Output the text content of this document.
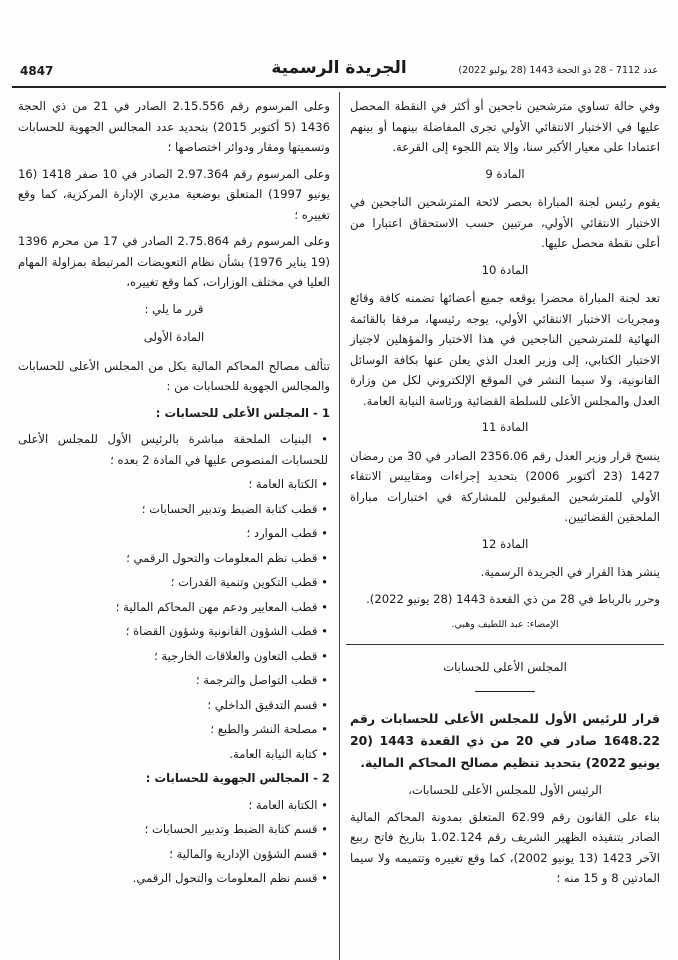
4847	الجريدة الرسمية	عدد 7112 - 28 ذو الحجة 1443 (28 يوليو 2022)

وفي حالة تساوي مترشحين ناجحين أو أكثر في النقطة المحصل عليها في الاختبار الانتقائي الأولي تجرى المفاضلة بينهما أو بينهم اعتمادا على معيار الأكبر سنا، وإلا يتم اللجوء إلى القرعة.

المادة 9

يقوم رئيس لجنة المباراة بحصر لائحة المترشحين الناجحين في الاختبار الانتقائي الأولي، مرتبين حسب الاستحقاق اعتبارا من أعلى نقطة محصل عليها.

المادة 10

تعد لجنة المباراة محضرا يوقعه جميع أعضائها تضمنه كافة وقائع ومجريات الاختبار الانتقائي الأولي، يوجه رئيسها، مرفقا بالقائمة النهائية للمترشحين الناجحين في هذا الاختبار والمؤهلين لاجتياز الاختبار الكتابي، إلى وزير العدل الذي يعلن عنها بكافة الوسائل القانونية، ولا سيما النشر في الموقع الإلكتروني لكل من وزارة العدل والمجلس الأعلى للسلطة القضائية ورئاسة النيابة العامة.

المادة 11

ينسخ قرار وزير العدل رقم 2356.06 الصادر في 30 من رمضان 1427 (23 أكتوبر 2006) بتحديد إجراءات ومقاييس الانتقاء الأولي للمترشحين المقبولين للمشاركة في اختبارات مباراة الملحقين القضائيين.

المادة 12

ينشر هذا القرار في الجريدة الرسمية.

وحرر بالرباط في 28 من ذي القعدة 1443 (28 يونيو 2022).

الإمضاء: عبد اللطيف وهبي.
المجلس الأعلى للحسابات

قرار للرئيس الأول للمجلس الأعلى للحسابات رقم 1648.22 صادر في 20 من ذي القعدة 1443 (20 يونيو 2022) بتحديد تنظيم مصالح المحاكم المالية.

الرئيس الأول للمجلس الأعلى للحسابات،

بناء على القانون رقم 62.99 المتعلق بمدونة المحاكم المالية الصادر بتنفيذه الظهير الشريف رقم 1.02.124 بتاريخ فاتح ربيع الآخر 1423 (13 يونيو 2002)، كما وقع تغييره وتتميمه ولا سيما المادتين 8 و 15 منه ؛

وعلى المرسوم رقم 2.15.556 الصادر في 21 من ذي الحجة 1436 (5 أكتوبر 2015) بتحديد عدد المجالس الجهوية للحسابات وتسميتها ومقار ودوائر اختصاصها ؛

وعلى المرسوم رقم 2.97.364 الصادر في 10 صفر 1418 (16 يونيو 1997) المتعلق بوضعية مديري الإدارة المركزية، كما وقع تغييره ؛

وعلى المرسوم رقم 2.75.864 الصادر في 17 من محرم 1396 (19 يناير 1976) بشأن نظام التعويضات المرتبطة بمزاولة المهام العليا في مختلف الوزارات، كما وقع تغييره،

قرر ما يلي :
المادة الأولى

تتألف مصالح المحاكم المالية بكل من المجلس الأعلى للحسابات والمجالس الجهوية للحسابات من :

1 - المجلس الأعلى للحسابات :
• البنيات الملحقة مباشرة بالرئيس الأول للمجلس الأعلى للحسابات المنصوص عليها في المادة 2 بعده ؛
• الكتابة العامة ؛
• قطب كتابة الضبط وتدبير الحسابات ؛
• قطب الموارد ؛
• قطب نظم المعلومات والتحول الرقمي ؛
• قطب التكوين وتنمية القدرات ؛
• قطب المعايير ودعم مهن المحاكم المالية ؛
• قطب الشؤون القانونية وشؤون القضاة ؛
• قطب التعاون والعلاقات الخارجية ؛
• قطب التواصل والترجمة ؛
• قسم التدقيق الداخلي ؛
• مصلحة النشر والطبع ؛
• كتابة النيابة العامة.
2 - المجالس الجهوية للحسابات :
• الكتابة العامة ؛
• قسم كتابة الضبط وتدبير الحسابات ؛
• قسم الشؤون الإدارية والمالية ؛
• قسم نظم المعلومات والتحول الرقمي.
